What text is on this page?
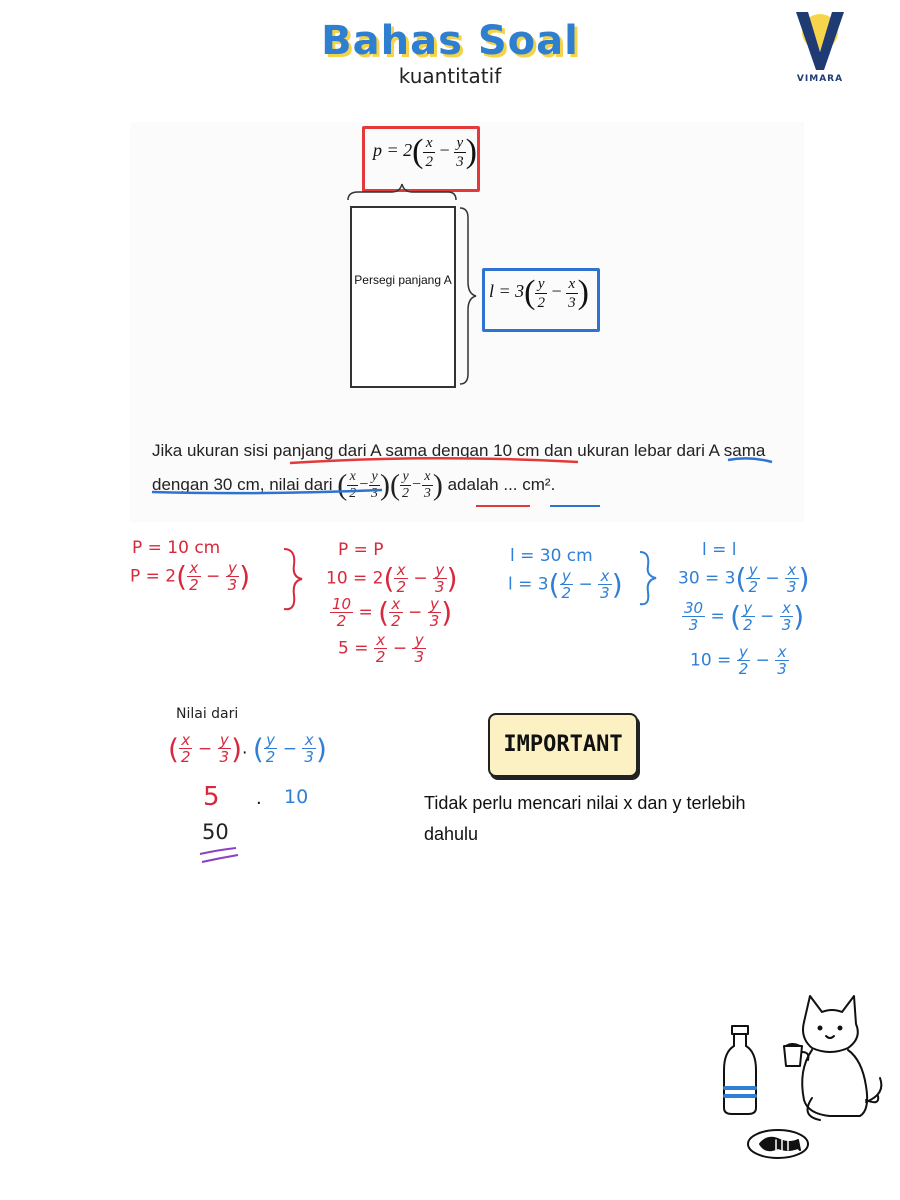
Bahas Soal
kuantitatif	VIMARA
$p = 2( \frac{x}{2} - \frac{y}{3}$ )
Persegi panjang A
$l = 3( \frac{y}{2} - \frac{x}{3}$ )
Jika ukuran sisi panjang dari A sama dengan 10 cm dan ukuran lebar dari A sama dengan 30 cm, nilai dari ( $\frac{x}{2} - \frac{y}{3}$ )( $\frac{y}{2} - \frac{x}{3}$ ) adalah ... cm².
P = 10 cm
$P = 2( \frac{x}{2} - \frac{y}{3}$ )
P = P
$10 = 2( \frac{x}{2} - \frac{y}{3}$ )
$\frac{10}{2}$ = ( $\frac{x}{2} - \frac{y}{3}$ )
$5 = \frac{x}{2} - \frac{y}{3}$
l = 30 cm
$l = 3( \frac{y}{2} - \frac{x}{3}$ )
l = l
$30 = 3( \frac{y}{2} - \frac{x}{3}$ )
$\frac{30}{3}$ = ( $\frac{y}{2} - \frac{x}{3}$ )
$10 = \frac{y}{2} - \frac{x}{3}$
Nilai dari
( $\frac{x}{2} - \frac{y}{3}$ ). ( $\frac{y}{2} - \frac{x}{3}$ )
5 . 10
50
IMPORTANT
Tidak perlu mencari nilai x dan y terlebih dahulu
